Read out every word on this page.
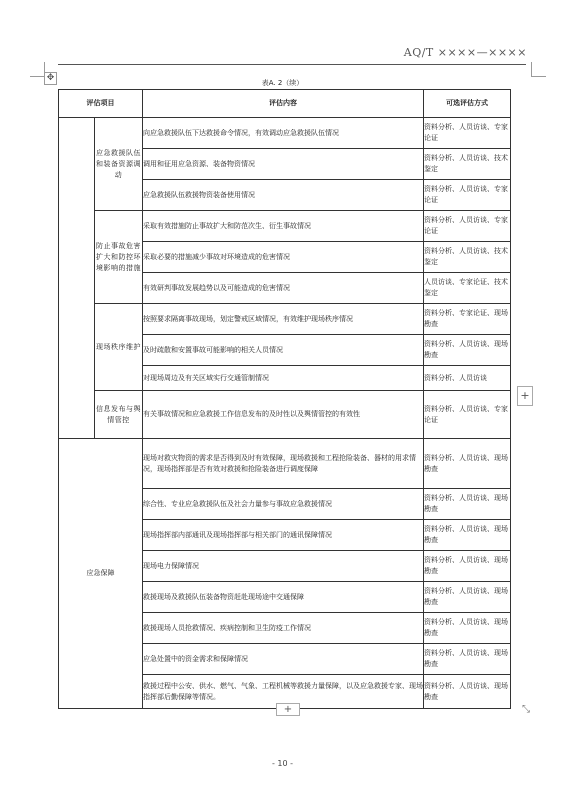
AQ/T ××××—××××
✥	表A. 2（续）
评估项目		评估内容	可选评估方式
	应急救援队伍和装备资源调动	向应急救援队伍下达救援命令情况，有效调动应急救援队伍情况	资料分析、人员访谈、专家论证
		调用和征用应急资源、装备物资情况	资料分析、人员访谈、技术鉴定
		应急救援队伍救援物资装备使用情况	资料分析、人员访谈、专家论证
	防止事故危害扩大和防控环境影响的措施	采取有效措施防止事故扩大和防范次生、衍生事故情况	资料分析、人员访谈、专家论证
		采取必要的措施减少事故对环境造成的危害情况	资料分析、人员访谈、技术鉴定
		有效研判事故发展趋势以及可能造成的危害情况	人员访谈、专家论证、技术鉴定
	现场秩序维护	按照要求隔离事故现场，划定警戒区域情况，有效维护现场秩序情况	资料分析、专家论证、现场勘查
		及时疏散和安置事故可能影响的相关人员情况	资料分析、人员访谈、现场勘查
		对现场周边及有关区域实行交通管制情况	资料分析、人员访谈
	信息发布与舆情管控	有关事故情况和应急救援工作信息发布的及时性以及舆情管控的有效性	资料分析、人员访谈、专家论证
应急保障		现场对救灾物资的需求是否得到及时有效保障，现场救援和工程抢险装备、器材的用求情况，现场指挥部是否有效对救援和抢险装备进行调度保障	资料分析、人员访谈、现场勘查
		综合性、专业应急救援队伍及社会力量参与事故应急救援情况	资料分析、人员访谈、现场勘查
		现场指挥部内部通讯及现场指挥部与相关部门的通讯保障情况	资料分析、人员访谈、现场勘查
		现场电力保障情况	资料分析、人员访谈、现场勘查
		救援现场及救援队伍装备物资赶赴现场途中交通保障	资料分析、人员访谈、现场勘查
		救援现场人员抢救情况、疾病控制和卫生防疫工作情况	资料分析、人员访谈、现场勘查
		应急处置中的资金需求和保障情况	资料分析、人员访谈、现场勘查
		救援过程中公安、供水、燃气、气象、工程机械等救援力量保障，以及应急救援专家、现场指挥部后勤保障等情况。	资料分析、人员访谈、现场勘查
+
+	⤡
- 10 -
